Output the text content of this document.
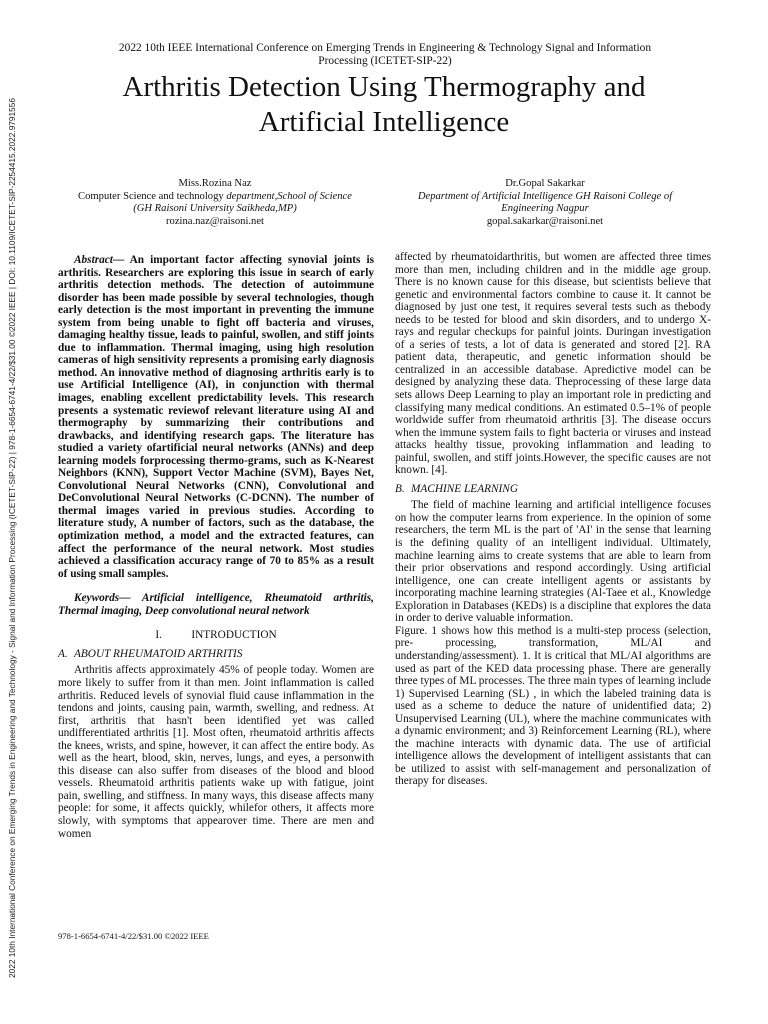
2022 10th International Conference on Emerging Trends in Engineering and Technology - Signal and Information Processing (ICETET-SIP-22) | 978-1-6654-6741-4/22/$31.00 ©2022 IEEE | DOI: 10.1109/ICETET-SIP-2254415.2022.9791556
2022 10th IEEE International Conference on Emerging Trends in Engineering & Technology Signal and Information
Processing (ICETET-SIP-22)
Arthritis Detection Using Thermography and
Artificial Intelligence
Miss.Rozina Naz
Computer Science and technology department,School of Science
(GH Raisoni University Saikheda,MP)
rozina.naz@raisoni.net
Dr.Gopal Sakarkar
Department of Artificial Intelligence GH Raisoni College of
Engineering Nagpur
gopal.sakarkar@raisoni.net

Abstract— An important factor affecting synovial joints is arthritis. Researchers are exploring this issue in search of early arthritis detection methods. The detection of autoimmune disorder has been made possible by several technologies, though early detection is the most important in preventing the immune system from being unable to fight off bacteria and viruses, damaging healthy tissue, leads to painful, swollen, and stiff joints due to inflammation. Thermal imaging, using high resolution cameras of high sensitivity represents a promising early diagnosis method. An innovative method of diagnosing arthritis early is to use Artificial Intelligence (AI), in conjunction with thermal images, enabling excellent predictability levels. This research presents a systematic reviewof relevant literature using AI and thermography by summarizing their contributions and drawbacks, and identifying research gaps. The literature has studied a variety ofartificial neural networks (ANNs) and deep learning models forprocessing thermo-grams, such as K-Nearest Neighbors (KNN), Support Vector Machine (SVM), Bayes Net, Convolutional Neural Networks (CNN), Convolutional and DeConvolutional Neural Networks (C-DCNN). The number of thermal images varied in previous studies. According to literature study, A number of factors, such as the database, the optimization method, a model and the extracted features, can affect the performance of the neural network. Most studies achieved a classification accuracy range of 70 to 85% as a result of using small samples.

Keywords— Artificial intelligence, Rheumatoid arthritis, Thermal imaging, Deep convolutional neural network

I.	INTRODUCTION
A. ABOUT RHEUMATOID ARTHRITIS

Arthritis affects approximately 45% of people today. Women are more likely to suffer from it than men. Joint inflammation is called arthritis. Reduced levels of synovial fluid cause inflammation in the tendons and joints, causing pain, warmth, swelling, and redness. At first, arthritis that hasn't been identified yet was called undifferentiated arthritis [1]. Most often, rheumatoid arthritis affects the knees, wrists, and spine, however, it can affect the entire body. As well as the heart, blood, skin, nerves, lungs, and eyes, a personwith this disease can also suffer from diseases of the blood and blood vessels. Rheumatoid arthritis patients wake up with fatigue, joint pain, swelling, and stiffness. In many ways, this disease affects many people: for some, it affects quickly, whilefor others, it affects more slowly, with symptoms that appearover time. There are men and women

affected by rheumatoidarthritis, but women are affected three times more than men, including children and in the middle age group. There is no known cause for this disease, but scientists believe that genetic and environmental factors combine to cause it. It cannot be diagnosed by just one test, it requires several tests such as thebody needs to be tested for blood and skin disorders, and to undergo X-rays and regular checkups for painful joints. Duringan investigation of a series of tests, a lot of data is generated and stored [2]. RA patient data, therapeutic, and genetic information should be centralized in an accessible database. Apredictive model can be designed by analyzing these data. Theprocessing of these large data sets allows Deep Learning to play an important role in predicting and classifying many medical conditions. An estimated 0.5–1% of people worldwide suffer from rheumatoid arthritis [3]. The disease occurs when the immune system fails to fight bacteria or viruses and instead attacks healthy tissue, provoking inflammation and leading to painful, swollen, and stiff joints.However, the specific causes are not known. [4].

B. MACHINE LEARNING

The field of machine learning and artificial intelligence focuses on how the computer learns from experience. In the opinion of some researchers, the term ML is the part of 'AI' in the sense that learning is the defining quality of an intelligent individual. Ultimately, machine learning aims to create systems that are able to learn from their prior observations and respond accordingly. Using artificial intelligence, one can create intelligent agents or assistants by incorporating machine learning strategies (Al-Taee et al., Knowledge Exploration in Databases (KEDs) is a discipline that explores the data in order to derive valuable information.

Figure. 1 shows how this method is a multi-step process (selection, pre- processing, transformation, ML/AI and understanding/assessment). 1. It is critical that ML/AI algorithms are used as part of the KED data processing phase. There are generally three types of ML processes. The three main types of learning include 1) Supervised Learning (SL) , in which the labeled training data is used as a scheme to deduce the nature of unidentified data; 2) Unsupervised Learning (UL), where the machine communicates with a dynamic environment; and 3) Reinforcement Learning (RL), where the machine interacts with dynamic data. The use of artificial intelligence allows the development of intelligent assistants that can be utilized to assist with self-management and personalization of therapy for diseases.

978-1-6654-6741-4/22/$31.00 ©2022 IEEE
